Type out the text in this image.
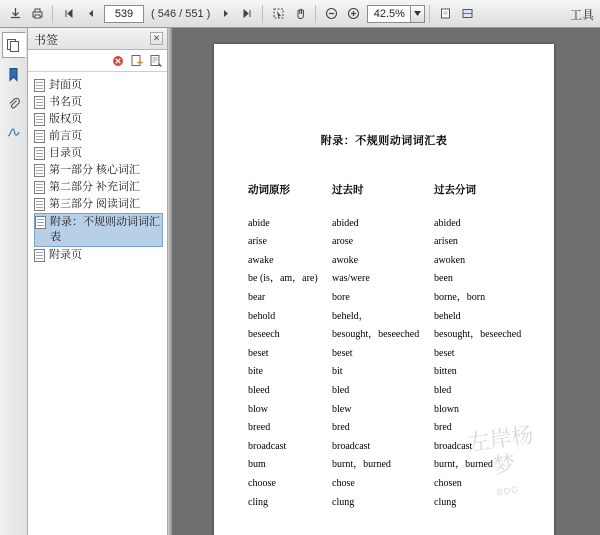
539
( 546 / 551 )
42.5%	工具
书签	✕
封面页
书名页
版权页
前言页
目录页
第一部分 核心词汇
第二部分 补充词汇
第三部分 阅读词汇
附录：不规则动词词汇表
附录页
附录：不规则动词词汇表
动词原形	过去时	过去分词
abide	abided	abided
arise	arose	arisen
awake	awoke	awoken
be (is，am，are)	was/were	been
bear	bore	borne，born
behold	beheld，	beheld
beseech	besought，beseeched	besought，beseeched
beset	beset	beset
bite	bit	bitten
bleed	bled	bled
blow	blew	blown
breed	bred	bred
broadcast	broadcast	broadcast
bum	burnt，burned	burnt，burned
choose	chose	chosen
cling	clung	clung
左岸杨梦
BDG
